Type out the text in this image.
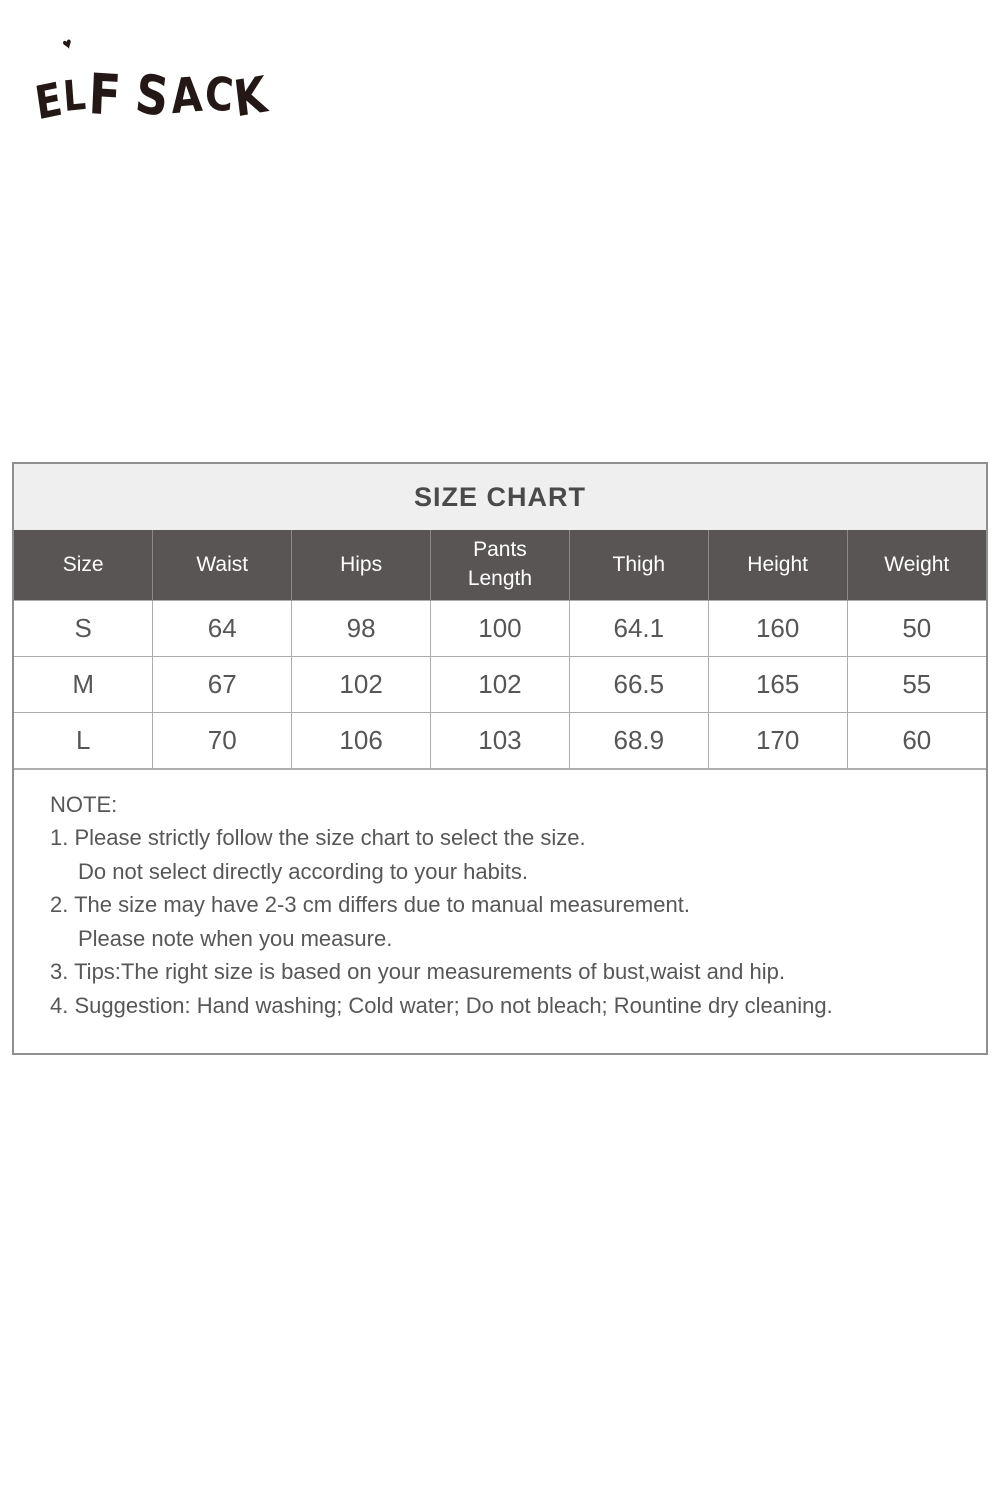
♥
E
L F S
A
C
K
SIZE CHART
Size	Waist	Hips	Pants Length	Thigh	Height	Weight
S	64	98	100	64.1	160	50
M	67	102	102	66.5	165	55
L	70	106	103	68.9	170	60
NOTE:
1. Please strictly follow the size chart to select the size.
Do not select directly according to your habits.
2. The size may have 2-3 cm differs due to manual measurement.
Please note when you measure.
3. Tips:The right size is based on your measurements of bust,waist and hip.
4. Suggestion: Hand washing; Cold water; Do not bleach; Rountine dry cleaning.
